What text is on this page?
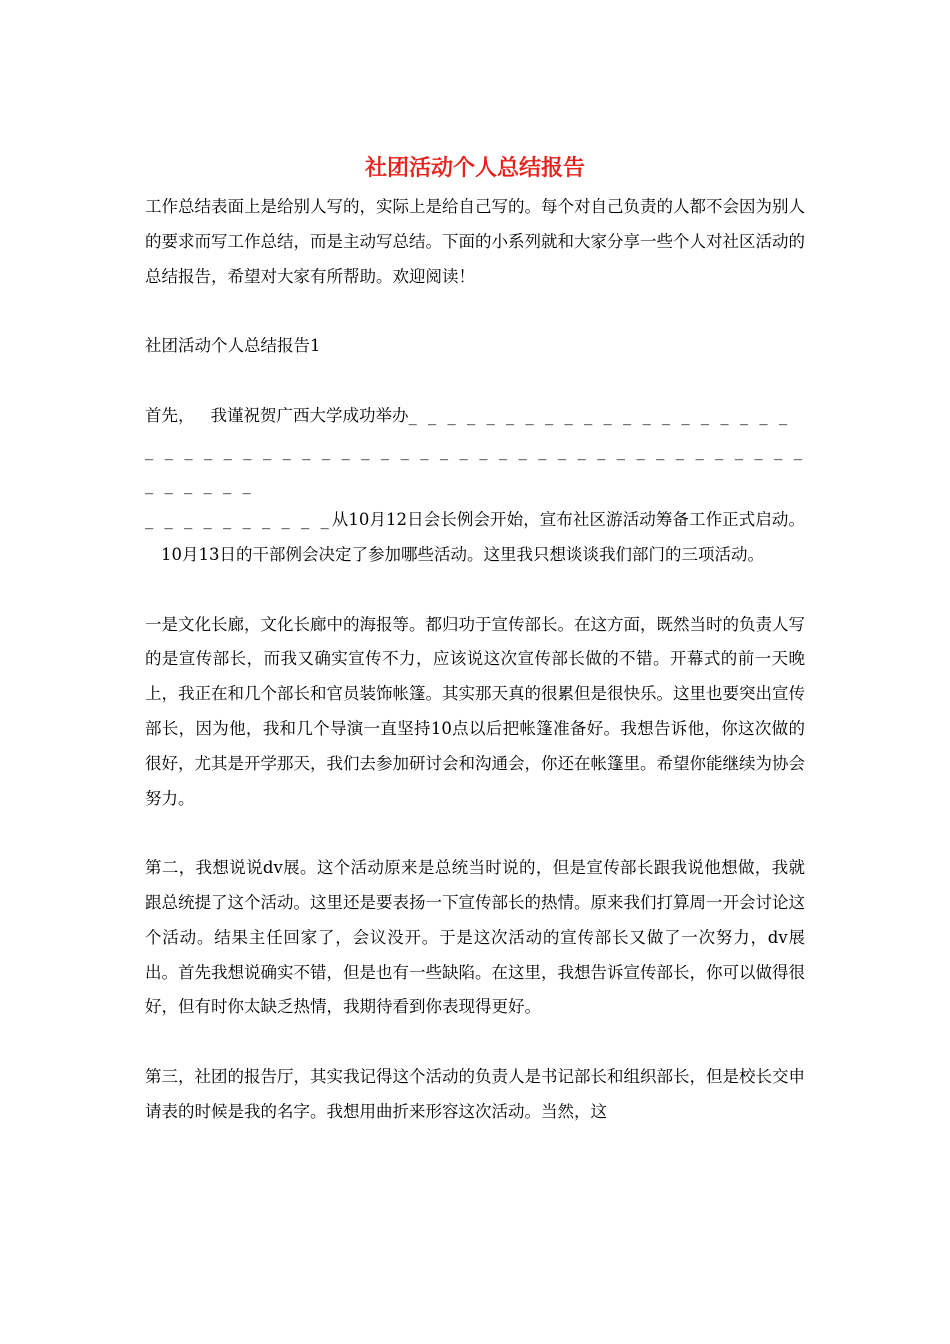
社团活动个人总结报告

工作总结表面上是给别人写的，实际上是给自己写的。每个对自己负责的人都不会因为别人的要求而写工作总结，而是主动写总结。下面的小系列就和大家分享一些个人对社区活动的总结报告，希望对大家有所帮助。欢迎阅读！

社团活动个人总结报告1

首先， 我谨祝贺广西大学成功举办_ _ _ _ _ _ _ _ _ _ _ _ _ _ _ _ _ _ _ _
_ _ _ _ _ _ _ _ _ _ _ _ _ _ _ _ _ _ _ _ _ _ _ _ _ _ _ _ _ _ _ _ _ _ _ _ _ _ _ _
_ _ _ _ _ _ _ _ _ _从10月12日会长例会开始，宣布社区游活动筹备工作正式启动。10月13日的干部例会决定了参加哪些活动。这里我只想谈谈我们部门的三项活动。

一是文化长廊，文化长廊中的海报等。都归功于宣传部长。在这方面，既然当时的负责人写的是宣传部长，而我又确实宣传不力，应该说这次宣传部长做的不错。开幕式的前一天晚上，我正在和几个部长和官员装饰帐篷。其实那天真的很累但是很快乐。这里也要突出宣传部长，因为他，我和几个导演一直坚持10点以后把帐篷准备好。我想告诉他，你这次做的很好，尤其是开学那天，我们去参加研讨会和沟通会，你还在帐篷里。希望你能继续为协会努力。

第二，我想说说dv展。这个活动原来是总统当时说的，但是宣传部长跟我说他想做，我就跟总统提了这个活动。这里还是要表扬一下宣传部长的热情。原来我们打算周一开会讨论这个活动。结果主任回家了，会议没开。于是这次活动的宣传部长又做了一次努力，dv展出。首先我想说确实不错，但是也有一些缺陷。在这里，我想告诉宣传部长，你可以做得很好，但有时你太缺乏热情，我期待看到你表现得更好。

第三，社团的报告厅，其实我记得这个活动的负责人是书记部长和组织部长，但是校长交申请表的时候是我的名字。我想用曲折来形容这次活动。当然，这
